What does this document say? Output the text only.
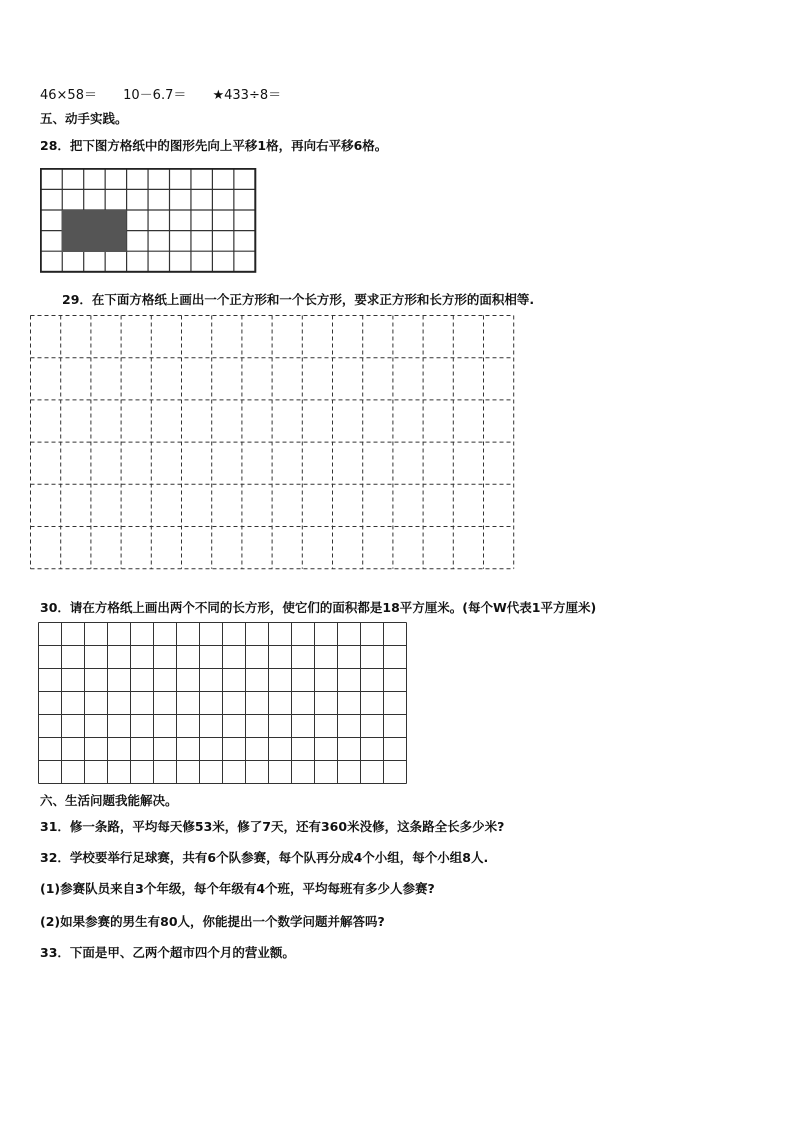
46×58＝ 10－6.7＝ ★433÷8＝
五、动手实践。
28．把下图方格纸中的图形先向上平移1格，再向右平移6格。
29．在下面方格纸上画出一个正方形和一个长方形，要求正方形和长方形的面积相等.
30．请在方格纸上画出两个不同的长方形，使它们的面积都是18平方厘米。(每个W代表1平方厘米)
六、生活问题我能解决。
31．修一条路，平均每天修53米，修了7天，还有360米没修，这条路全长多少米?
32．学校要举行足球赛，共有6个队参赛，每个队再分成4个小组，每个小组8人.
(1)参赛队员来自3个年级，每个年级有4个班，平均每班有多少人参赛?
(2)如果参赛的男生有80人，你能提出一个数学问题并解答吗?
33．下面是甲、乙两个超市四个月的营业额。
